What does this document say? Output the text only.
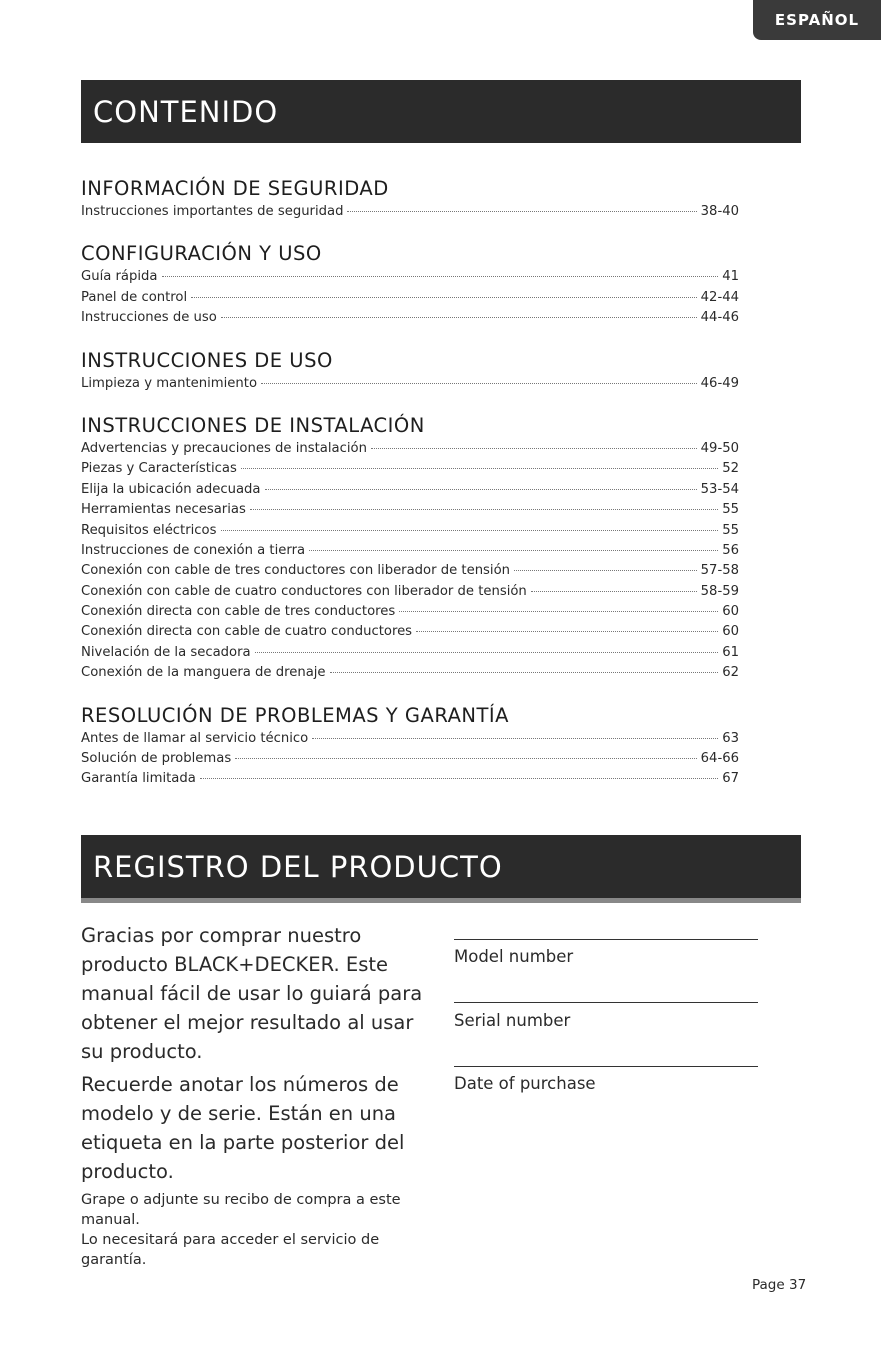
ESPAÑOL
CONTENIDO
INFORMACIÓN DE SEGURIDAD
Instrucciones importantes de seguridad	38-40
CONFIGURACIÓN Y USO
Guía rápida	41
Panel de control	42-44
Instrucciones de uso	44-46
INSTRUCCIONES DE USO
Limpieza y mantenimiento	46-49
INSTRUCCIONES DE INSTALACIÓN
Advertencias y precauciones de instalación	49-50
Piezas y Características	52
Elija la ubicación adecuada	53-54
Herramientas necesarias	55
Requisitos eléctricos	55
Instrucciones de conexión a tierra	56
Conexión con cable de tres conductores con liberador de tensión	57-58
Conexión con cable de cuatro conductores con liberador de tensión	58-59
Conexión directa con cable de tres conductores	60
Conexión directa con cable de cuatro conductores	60
Nivelación de la secadora	61
Conexión de la manguera de drenaje	62
RESOLUCIÓN DE PROBLEMAS Y GARANTÍA
Antes de llamar al servicio técnico	63
Solución de problemas	64-66
Garantía limitada	67
REGISTRO DEL PRODUCTO

Gracias por comprar nuestro producto BLACK+DECKER. Este manual fácil de usar lo guiará para obtener el mejor resultado al usar su producto.

Recuerde anotar los números de modelo y de serie. Están en una etiqueta en la parte posterior del producto.

Grape o adjunte su recibo de compra a este manual.
Lo necesitará para acceder el servicio de garantía.

Model number
Serial number
Date of purchase
Page 37
